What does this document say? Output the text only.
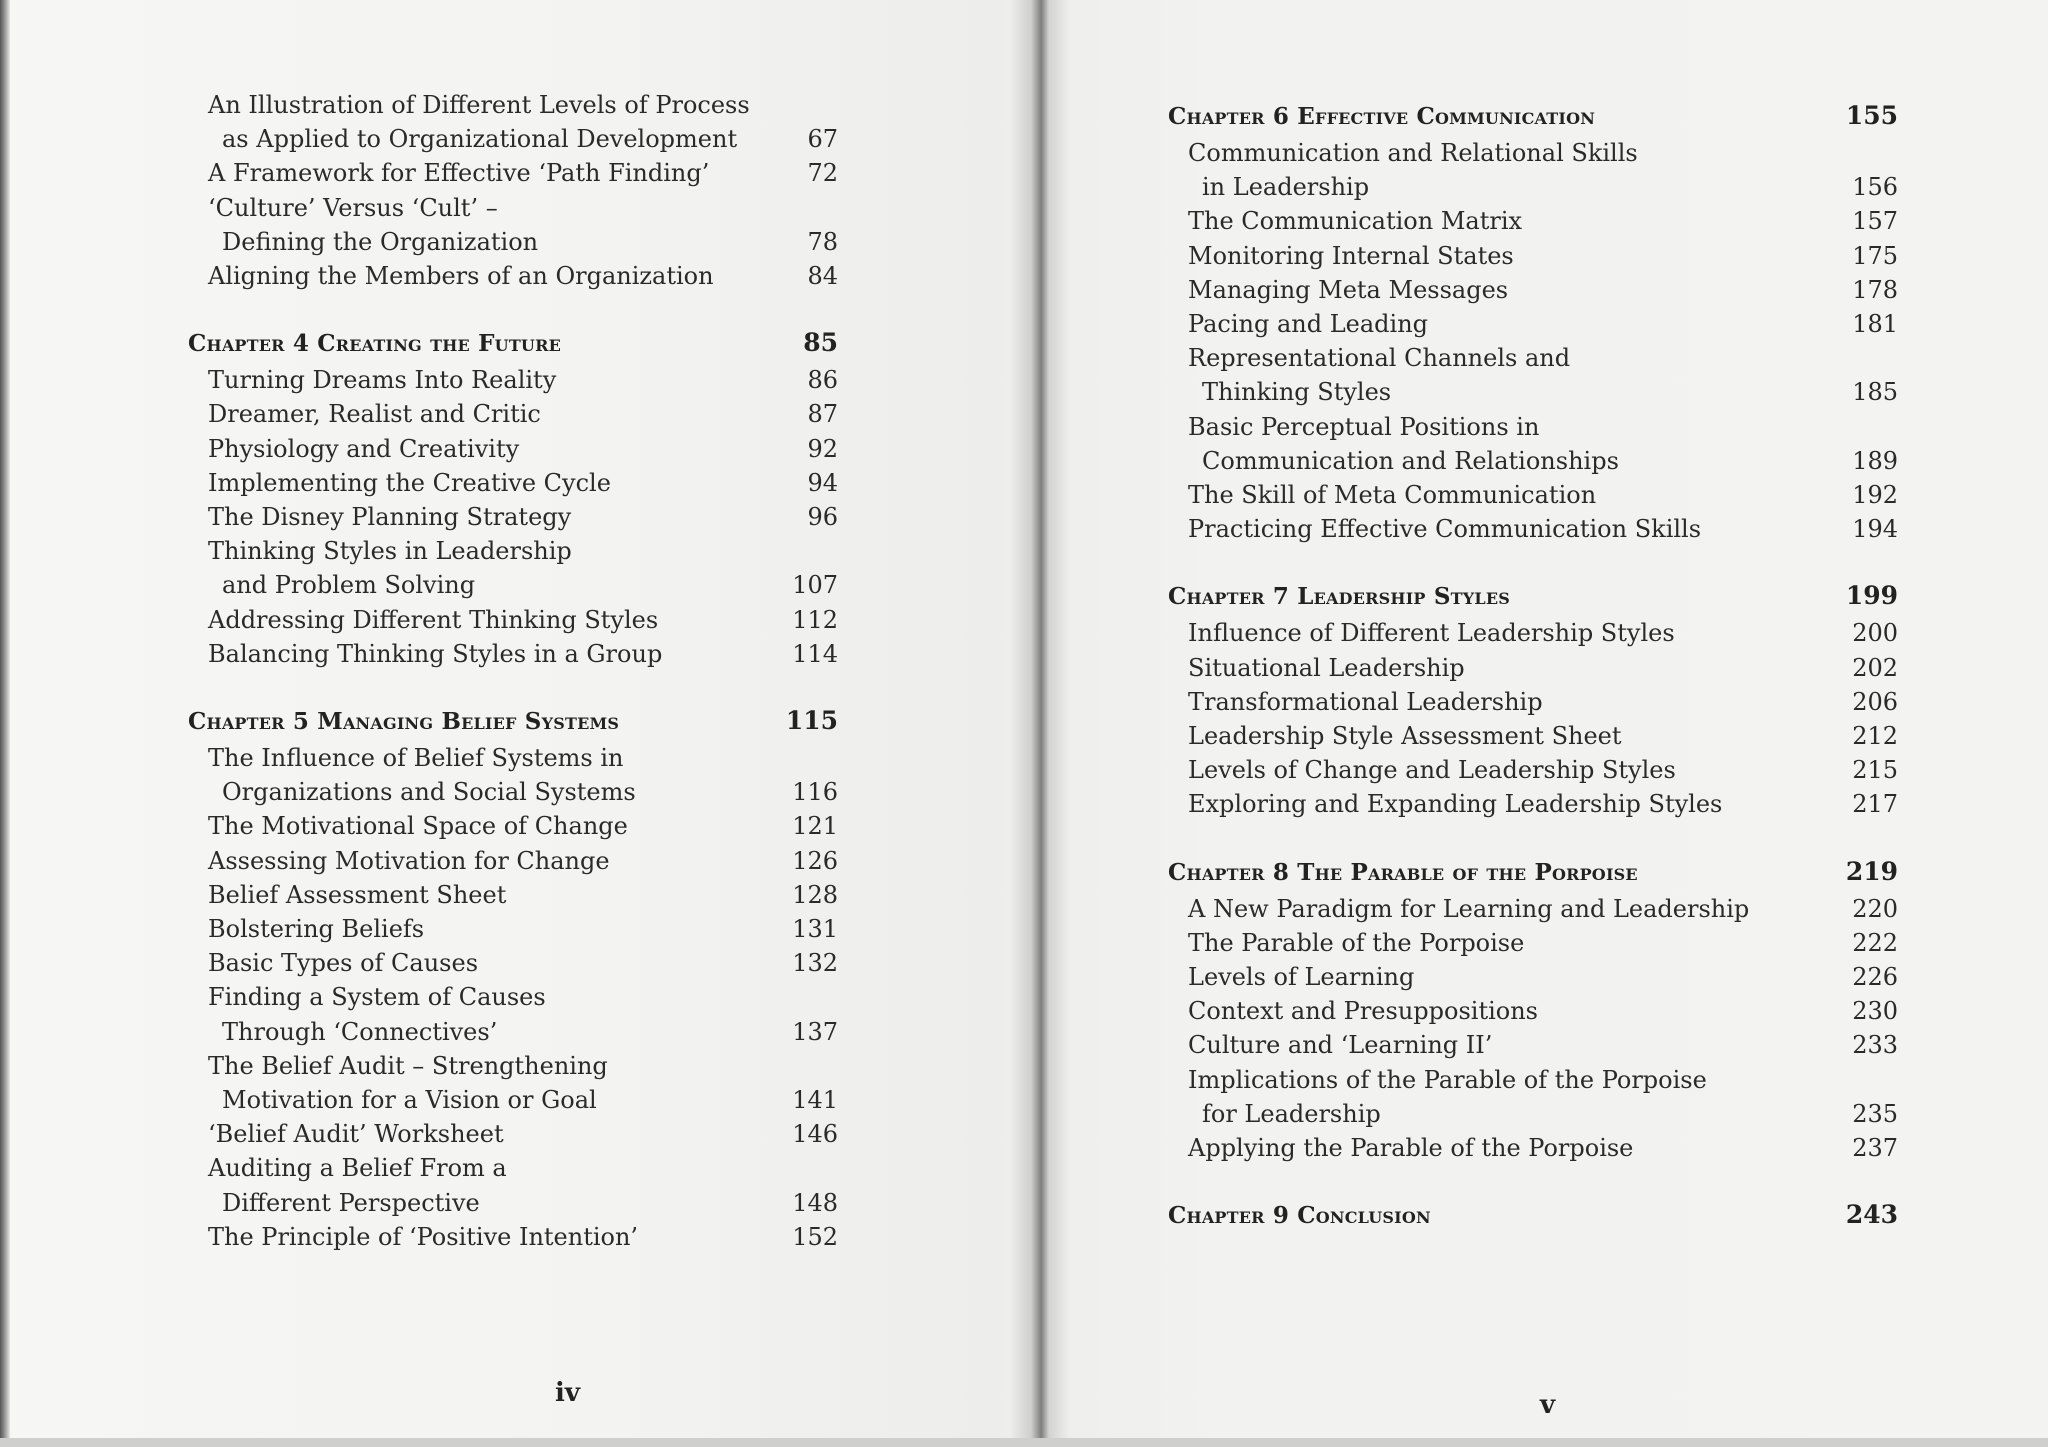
An Illustration of Different Levels of Process
as Applied to Organizational Development	67
A Framework for Effective ‘Path Finding’	72
‘Culture’ Versus ‘Cult’ –
Defining the Organization	78
Aligning the Members of an Organization	84
Chapter 4 Creating the Future	85
Turning Dreams Into Reality	86
Dreamer, Realist and Critic	87
Physiology and Creativity	92
Implementing the Creative Cycle	94
The Disney Planning Strategy	96
Thinking Styles in Leadership
and Problem Solving	107
Addressing Different Thinking Styles	112
Balancing Thinking Styles in a Group	114
Chapter 5 Managing Belief Systems	115
The Influence of Belief Systems in
Organizations and Social Systems	116
The Motivational Space of Change	121
Assessing Motivation for Change	126
Belief Assessment Sheet	128
Bolstering Beliefs	131
Basic Types of Causes	132
Finding a System of Causes
Through ‘Connectives’	137
The Belief Audit – Strengthening
Motivation for a Vision or Goal	141
‘Belief Audit’ Worksheet	146
Auditing a Belief From a
Different Perspective	148
The Principle of ‘Positive Intention’	152
iv
Chapter 6 Effective Communication	155
Communication and Relational Skills
in Leadership	156
The Communication Matrix	157
Monitoring Internal States	175
Managing Meta Messages	178
Pacing and Leading	181
Representational Channels and
Thinking Styles	185
Basic Perceptual Positions in
Communication and Relationships	189
The Skill of Meta Communication	192
Practicing Effective Communication Skills	194
Chapter 7 Leadership Styles	199
Influence of Different Leadership Styles	200
Situational Leadership	202
Transformational Leadership	206
Leadership Style Assessment Sheet	212
Levels of Change and Leadership Styles	215
Exploring and Expanding Leadership Styles	217
Chapter 8 The Parable of the Porpoise	219
A New Paradigm for Learning and Leadership	220
The Parable of the Porpoise	222
Levels of Learning	226
Context and Presuppositions	230
Culture and ‘Learning II’	233
Implications of the Parable of the Porpoise
for Leadership	235
Applying the Parable of the Porpoise	237
Chapter 9 Conclusion	243
v
